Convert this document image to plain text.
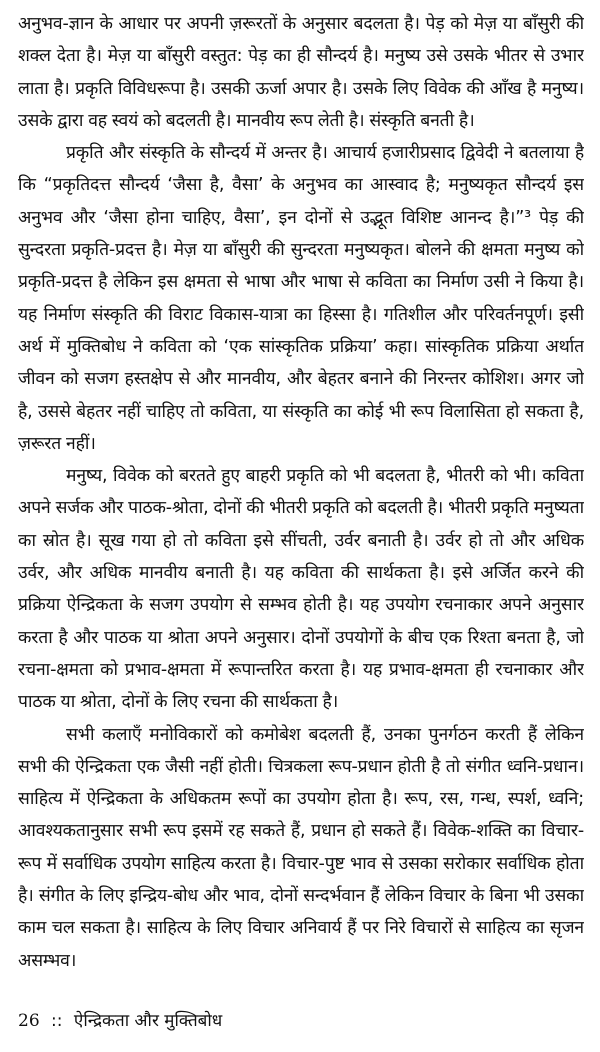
अनुभव-ज्ञान के आधार पर अपनी ज़रूरतों के अनुसार बदलता है। पेड़ को मेज़ या बाँसुरी की शक्ल देता है। मेज़ या बाँसुरी वस्तुत: पेड़ का ही सौन्दर्य है। मनुष्य उसे उसके भीतर से उभार लाता है। प्रकृति विविधरूपा है। उसकी ऊर्जा अपार है। उसके लिए विवेक की आँख है मनुष्य। उसके द्वारा वह स्वयं को बदलती है। मानवीय रूप लेती है। संस्कृति बनती है।

प्रकृति और संस्कृति के सौन्दर्य में अन्तर है। आचार्य हजारीप्रसाद द्विवेदी ने बतलाया है कि “प्रकृतिदत्त सौन्दर्य ‘जैसा है, वैसा’ के अनुभव का आस्वाद है; मनुष्यकृत सौन्दर्य इस अनुभव और ‘जैसा होना चाहिए, वैसा’, इन दोनों से उद्भूत विशिष्ट आनन्द है।”³ पेड़ की सुन्दरता प्रकृति-प्रदत्त है। मेज़ या बाँसुरी की सुन्दरता मनुष्यकृत। बोलने की क्षमता मनुष्य को प्रकृति-प्रदत्त है लेकिन इस क्षमता से भाषा और भाषा से कविता का निर्माण उसी ने किया है। यह निर्माण संस्कृति की विराट विकास-यात्रा का हिस्सा है। गतिशील और परिवर्तनपूर्ण। इसी अर्थ में मुक्तिबोध ने कविता को ‘एक सांस्कृतिक प्रक्रिया’ कहा। सांस्कृतिक प्रक्रिया अर्थात जीवन को सजग हस्तक्षेप से और मानवीय, और बेहतर बनाने की निरन्तर कोशिश। अगर जो है, उससे बेहतर नहीं चाहिए तो कविता, या संस्कृति का कोई भी रूप विलासिता हो सकता है, ज़रूरत नहीं।

मनुष्य, विवेक को बरतते हुए बाहरी प्रकृति को भी बदलता है, भीतरी को भी। कविता अपने सर्जक और पाठक-श्रोता, दोनों की भीतरी प्रकृति को बदलती है। भीतरी प्रकृति मनुष्यता का स्रोत है। सूख गया हो तो कविता इसे सींचती, उर्वर बनाती है। उर्वर हो तो और अधिक उर्वर, और अधिक मानवीय बनाती है। यह कविता की सार्थकता है। इसे अर्जित करने की प्रक्रिया ऐन्द्रिकता के सजग उपयोग से सम्भव होती है। यह उपयोग रचनाकार अपने अनुसार करता है और पाठक या श्रोता अपने अनुसार। दोनों उपयोगों के बीच एक रिश्ता बनता है, जो रचना-क्षमता को प्रभाव-क्षमता में रूपान्तरित करता है। यह प्रभाव-क्षमता ही रचनाकार और पाठक या श्रोता, दोनों के लिए रचना की सार्थकता है।

सभी कलाएँ मनोविकारों को कमोबेश बदलती हैं, उनका पुनर्गठन करती हैं लेकिन सभी की ऐन्द्रिकता एक जैसी नहीं होती। चित्रकला रूप-प्रधान होती है तो संगीत ध्वनि-प्रधान। साहित्य में ऐन्द्रिकता के अधिकतम रूपों का उपयोग होता है। रूप, रस, गन्ध, स्पर्श, ध्वनि; आवश्यकतानुसार सभी रूप इसमें रह सकते हैं, प्रधान हो सकते हैं। विवेक-शक्ति का विचार-रूप में सर्वाधिक उपयोग साहित्य करता है। विचार-पुष्ट भाव से उसका सरोकार सर्वाधिक होता है। संगीत के लिए इन्द्रिय-बोध और भाव, दोनों सन्दर्भवान हैं लेकिन विचार के बिना भी उसका काम चल सकता है। साहित्य के लिए विचार अनिवार्य हैं पर निरे विचारों से साहित्य का सृजन असम्भव।

26 :: ऐन्द्रिकता और मुक्तिबोध
